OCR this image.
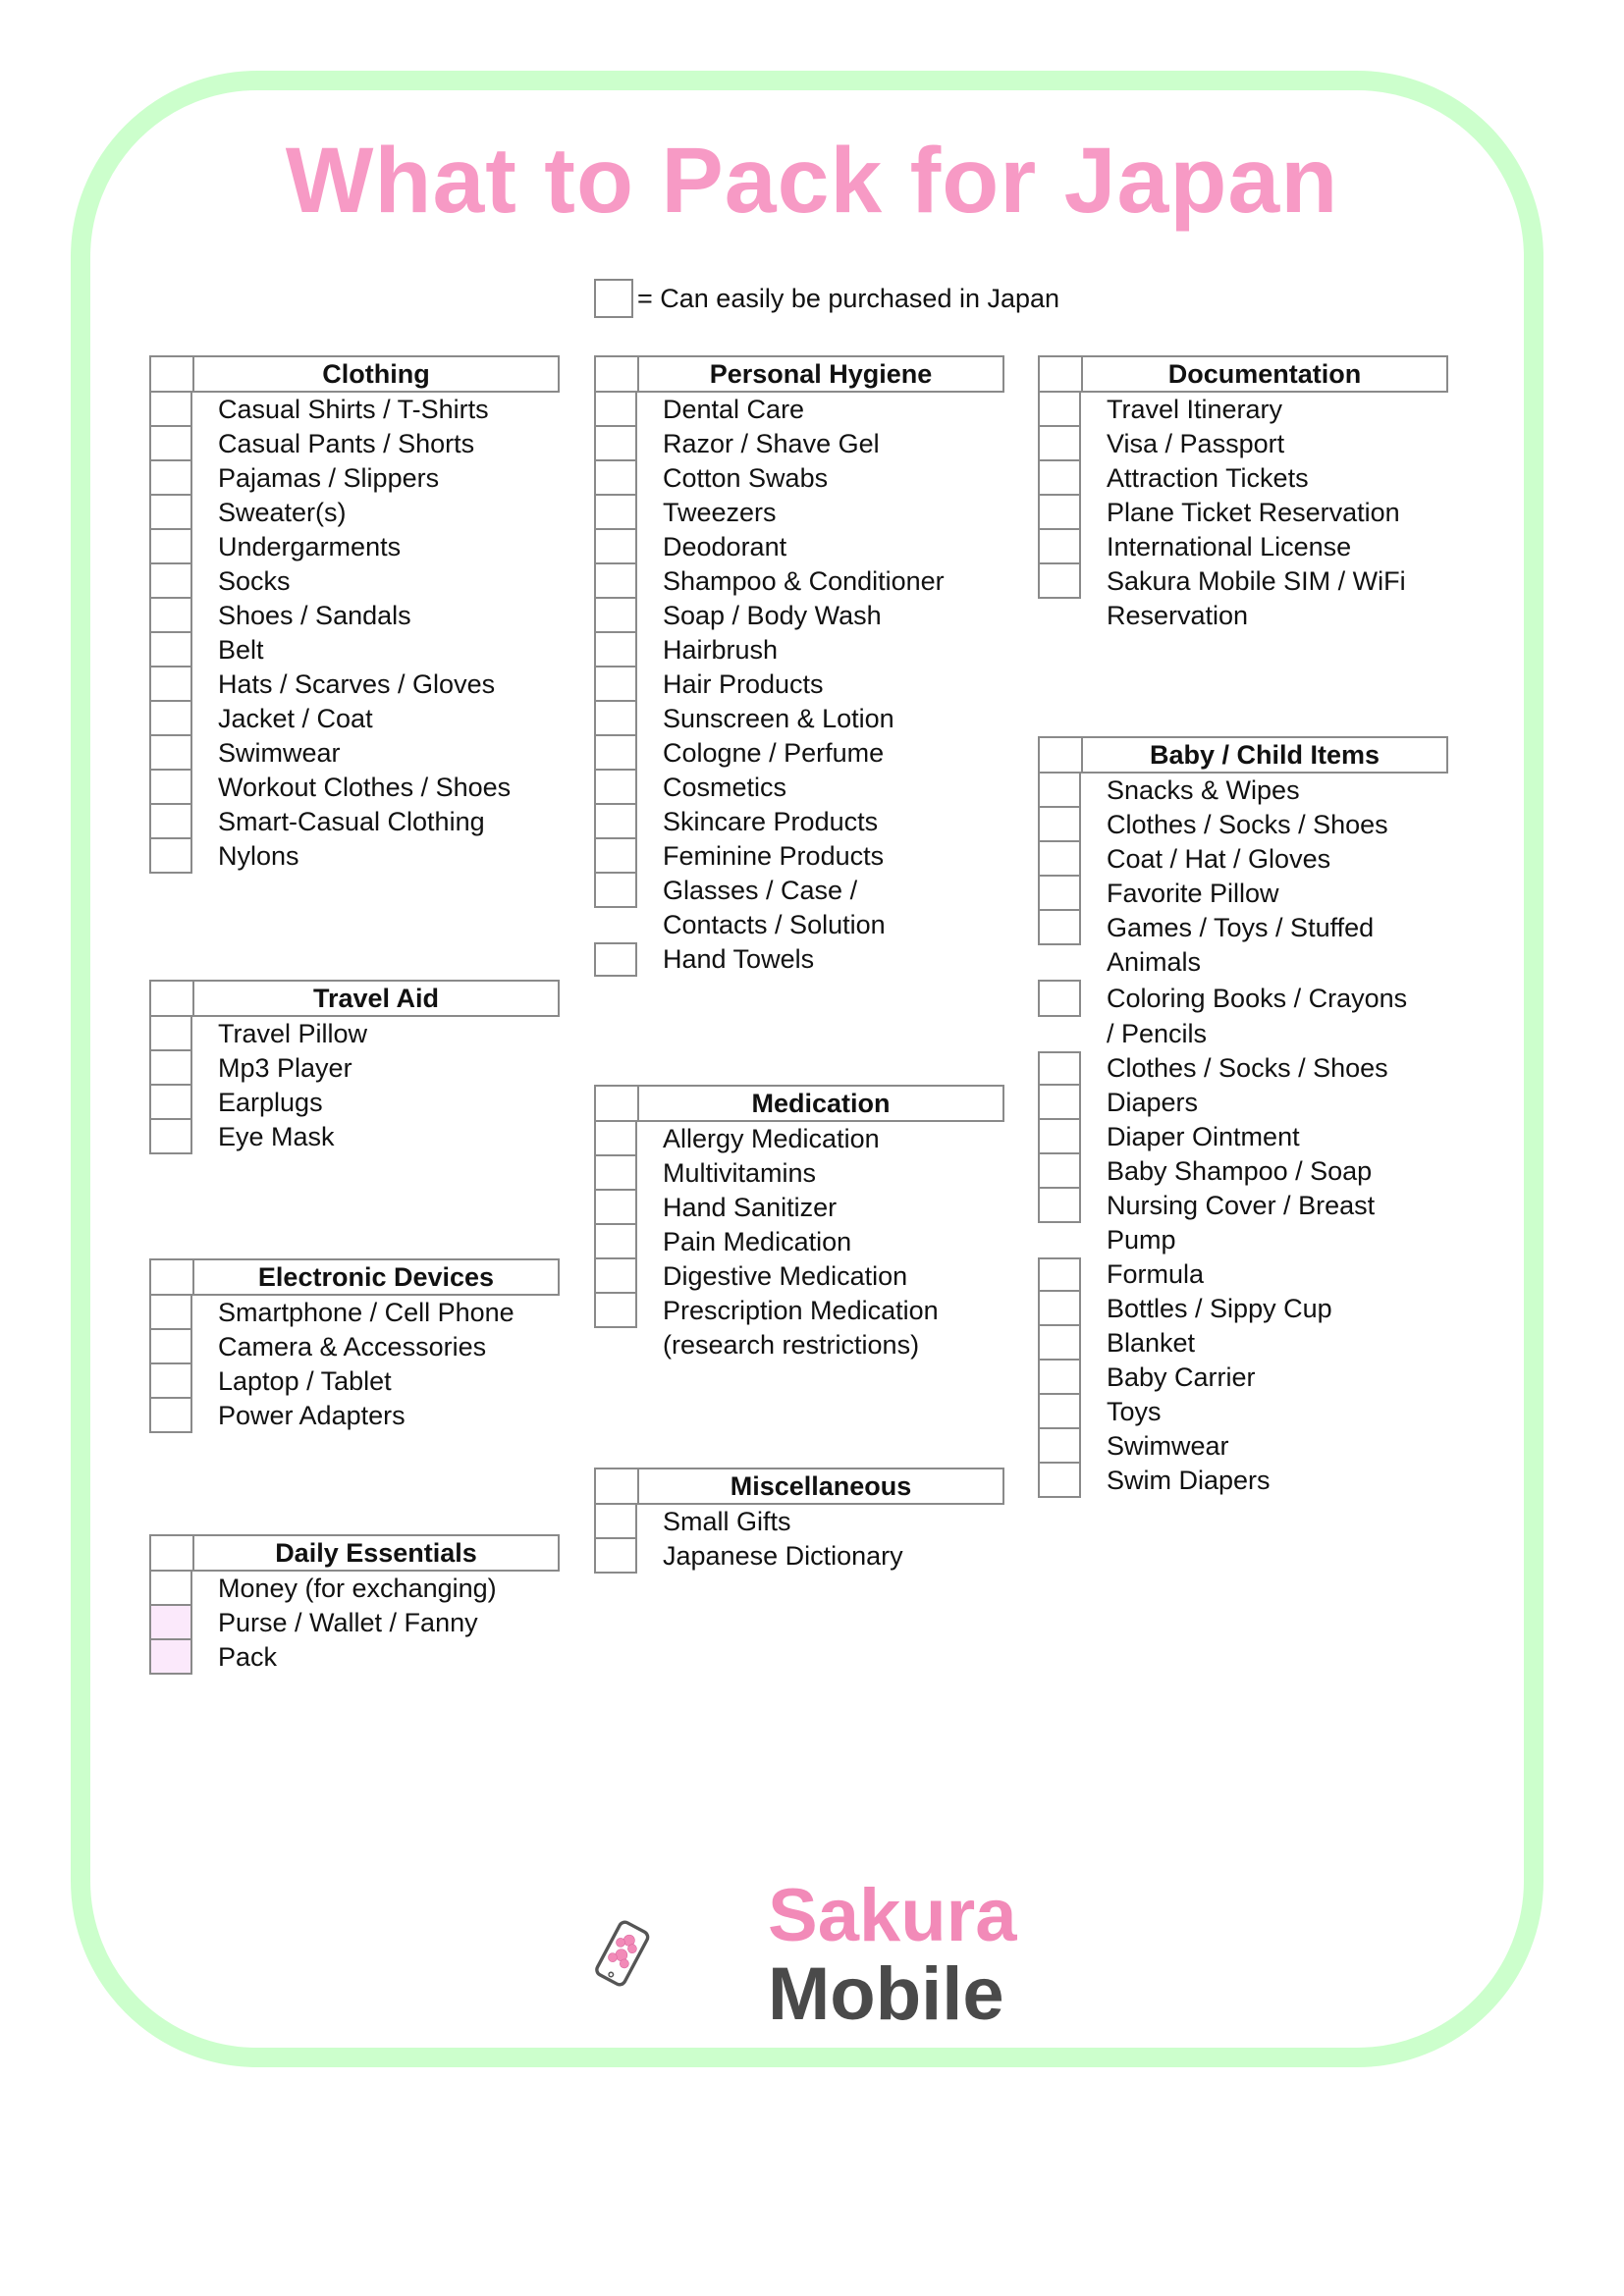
What to Pack for Japan
= Can easily be purchased in Japan
Clothing
Casual Shirts / T-Shirts
Casual Pants / Shorts
Pajamas / Slippers
Sweater(s)
Undergarments
Socks
Shoes / Sandals
Belt
Hats / Scarves / Gloves
Jacket / Coat
Swimwear
Workout Clothes / Shoes
Smart-Casual Clothing
Nylons
Travel Aid
Travel Pillow
Mp3 Player
Earplugs
Eye Mask
Electronic Devices
Smartphone / Cell Phone
Camera & Accessories
Laptop / Tablet
Power Adapters
Daily Essentials
Money (for exchanging)
Purse / Wallet / Fanny
Pack
Personal Hygiene
Dental Care
Razor / Shave Gel
Cotton Swabs
Tweezers
Deodorant
Shampoo & Conditioner
Soap / Body Wash
Hairbrush
Hair Products
Sunscreen & Lotion
Cologne / Perfume
Cosmetics
Skincare Products
Feminine Products
Glasses / Case /
Contacts / Solution
Hand Towels
Medication
Allergy Medication
Multivitamins
Hand Sanitizer
Pain Medication
Digestive Medication
Prescription Medication
(research restrictions)
Miscellaneous
Small Gifts
Japanese Dictionary
Documentation
Travel Itinerary
Visa / Passport
Attraction Tickets
Plane Ticket Reservation
International License
Sakura Mobile SIM / WiFi
Reservation
Baby / Child Items
Snacks & Wipes
Clothes / Socks / Shoes
Coat / Hat / Gloves
Favorite Pillow
Games / Toys / Stuffed
Animals
Coloring Books / Crayons
/ Pencils
Clothes / Socks / Shoes
Diapers
Diaper Ointment
Baby Shampoo / Soap
Nursing Cover / Breast
Pump
Formula
Bottles / Sippy Cup
Blanket
Baby Carrier
Toys
Swimwear
Swim Diapers
Sakura
Mobile
